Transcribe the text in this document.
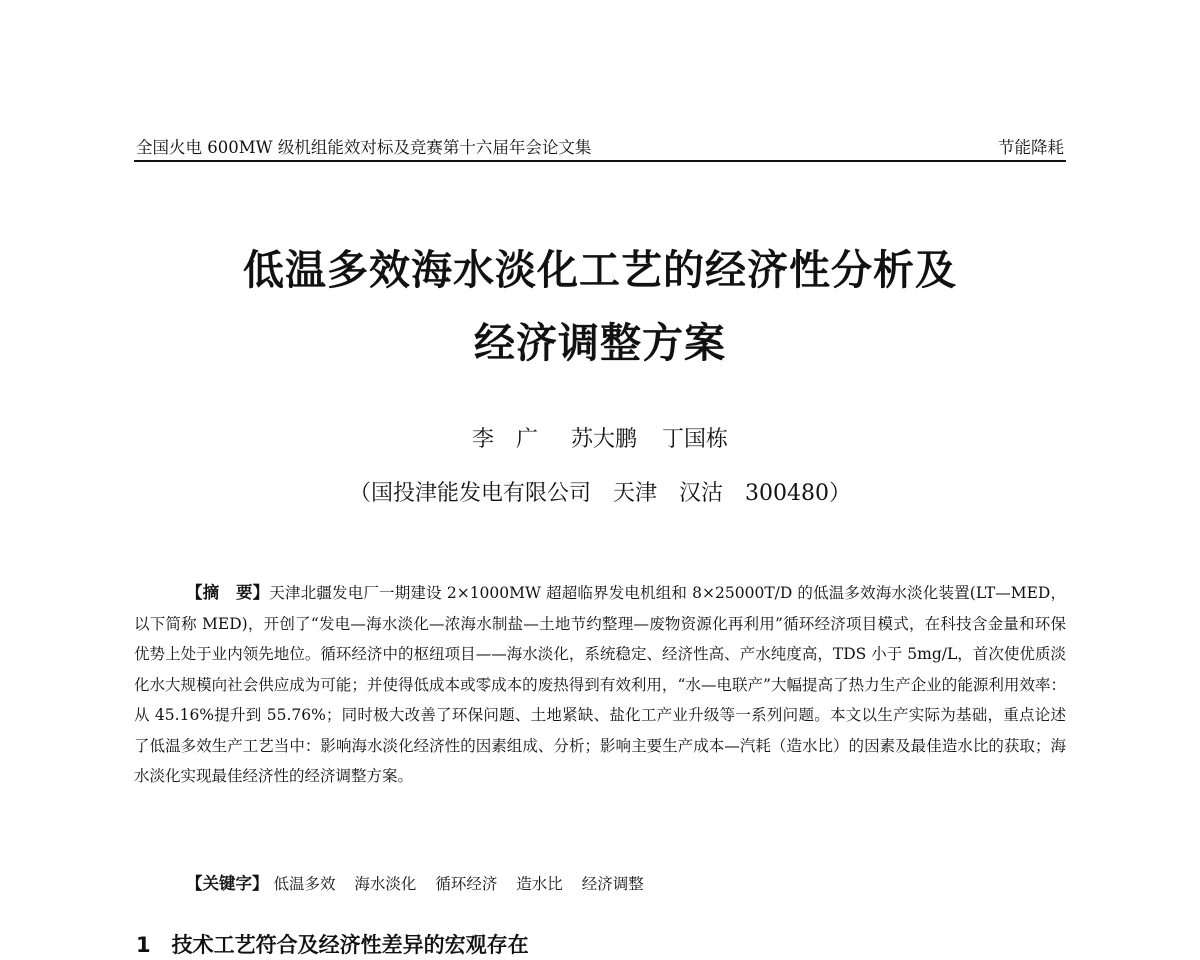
全国火电 600MW 级机组能效对标及竞赛第十六届年会论文集	节能降耗
低温多效海水淡化工艺的经济性分析及
经济调整方案
李　广 苏大鹏 丁国栋
（国投津能发电有限公司　天津　汉沽　300480）

【摘　要】天津北疆发电厂一期建设 2×1000MW 超超临界发电机组和 8×25000T/D 的低温多效海水淡化装置(LT—MED，以下简称 MED)，开创了“发电—海水淡化—浓海水制盐—土地节约整理—废物资源化再利用”循环经济项目模式，在科技含金量和环保优势上处于业内领先地位。循环经济中的枢纽项目——海水淡化，系统稳定、经济性高、产水纯度高，TDS 小于 5mg/L，首次使优质淡化水大规模向社会供应成为可能；并使得低成本或零成本的废热得到有效利用，“水—电联产”大幅提高了热力生产企业的能源利用效率：从 45.16%提升到 55.76%；同时极大改善了环保问题、土地紧缺、盐化工产业升级等一系列问题。本文以生产实际为基础，重点论述了低温多效生产工艺当中：影响海水淡化经济性的因素组成、分析；影响主要生产成本—汽耗（造水比）的因素及最佳造水比的获取；海水淡化实现最佳经济性的经济调整方案。

【关键字】 低温多效 海水淡化 循环经济 造水比 经济调整
1　技术工艺符合及经济性差异的宏观存在
